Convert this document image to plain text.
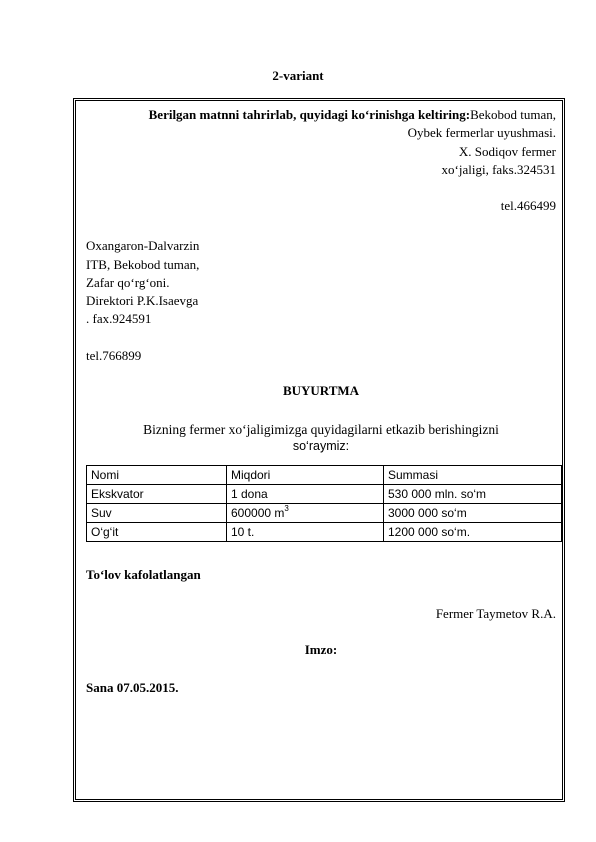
2-variant
Berilgan matnni tahrirlab, quyidagi ko‘rinishga keltiring:Bekobod tuman,
Oybek fermerlar uyushmasi.
X. Sodiqov fermer
xo‘jaligi, faks.324531
tel.466499
Oxangaron-Dalvarzin
ITB, Bekobod tuman,
Zafar qo‘rg‘oni.
Direktori P.K.Isaevga
. fax.924591
tel.766899
BUYURTMA
Bizning fermer xo‘jaligimizga quyidagilarni etkazib berishingizni
so‘raymiz:
Nomi	Miqdori	Summasi
Ekskvator	1 dona	530 000 mln. so‘m
Suv	600000 $m^3$	3000 000 so‘m
O‘g‘it	10 t.	1200 000 so‘m.
To‘lov kafolatlangan
Fermer Taymetov R.A.
Imzo:
Sana 07.05.2015.
